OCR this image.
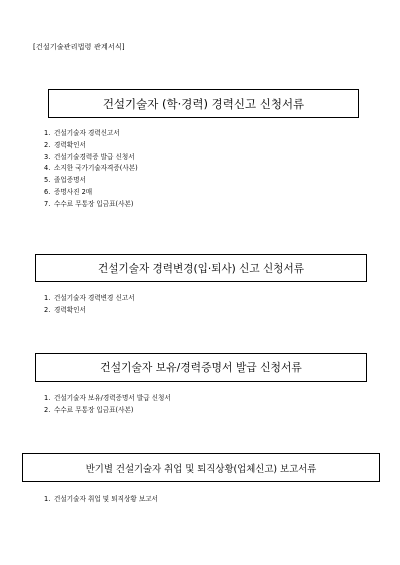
[건설기술관리법령 관계서식]
건설기술자 (학·경력) 경력신고 신청서류
1. 건설기술자 경력신고서
2. 경력확인서
3. 건설기술경력증 발급 신청서
4. 소지한 국가기술자격증(사본)
5. 졸업증명서
6. 증명사진 2매
7. 수수료 무통장 입금표(사본)
건설기술자 경력변경(입·퇴사) 신고 신청서류
1. 건설기술자 경력변경 신고서
2. 경력확인서
건설기술자 보유/경력증명서 발급 신청서류
1. 건설기술자 보유/경력증명서 발급 신청서
2. 수수료 무통장 입금표(사본)
반기별 건설기술자 취업 및 퇴직상황(업체신고) 보고서류
1. 건설기술자 취업 및 퇴직상황 보고서
